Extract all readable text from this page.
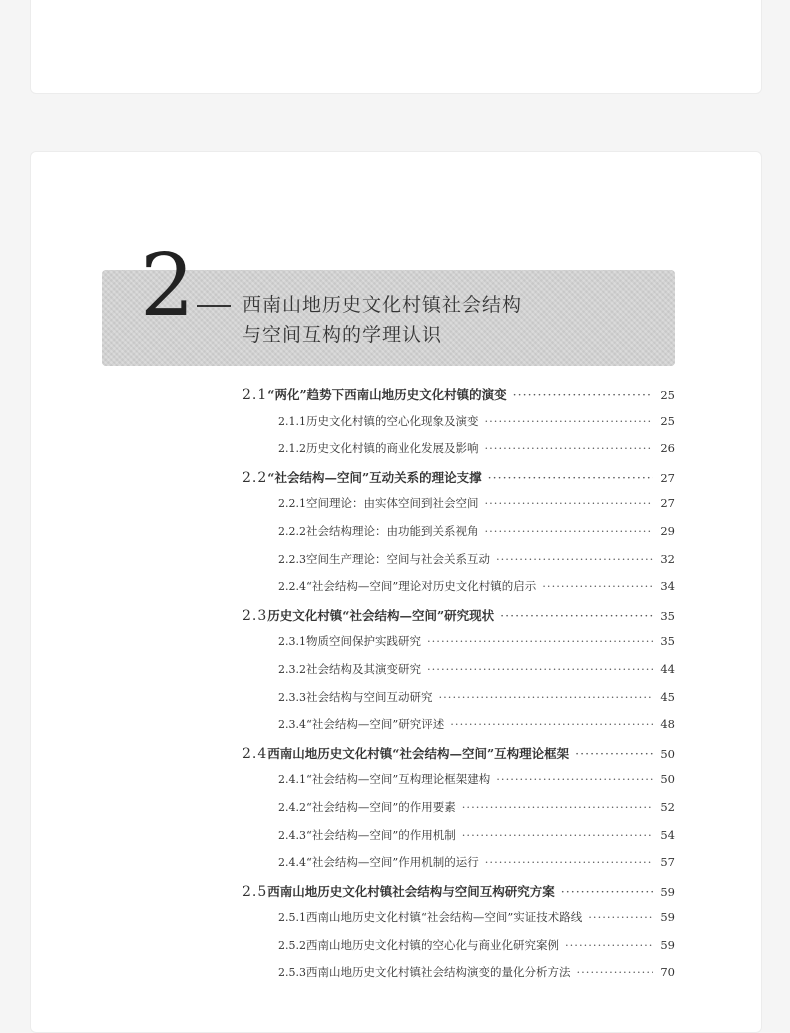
2 西南山地历史文化村镇社会结构
与空间互构的学理认识
2.1 “两化”趋势下西南山地历史文化村镇的演变 ·····	25
2.1.1 历史文化村镇的空心化现象及演变 ·····	25
2.1.2 历史文化村镇的商业化发展及影响 ·····	26
2.2 “社会结构—空间”互动关系的理论支撑 ·····	27
2.2.1 空间理论：由实体空间到社会空间 ·····	27
2.2.2 社会结构理论：由功能到关系视角 ·····	29
2.2.3 空间生产理论：空间与社会关系互动 ·····	32
2.2.4 “社会结构—空间”理论对历史文化村镇的启示 ·····	34
2.3 历史文化村镇“社会结构—空间”研究现状 ·····	35
2.3.1 物质空间保护实践研究 ·····	35
2.3.2 社会结构及其演变研究 ·····	44
2.3.3 社会结构与空间互动研究 ·····	45
2.3.4 “社会结构—空间”研究评述 ·····	48
2.4 西南山地历史文化村镇“社会结构—空间”互构理论框架 ·····	50
2.4.1 “社会结构—空间”互构理论框架建构 ·····	50
2.4.2 “社会结构—空间”的作用要素 ·····	52
2.4.3 “社会结构—空间”的作用机制 ·····	54
2.4.4 “社会结构—空间”作用机制的运行 ·····	57
2.5 西南山地历史文化村镇社会结构与空间互构研究方案 ·····	59
2.5.1 西南山地历史文化村镇“社会结构—空间”实证技术路线 ·····	59
2.5.2 西南山地历史文化村镇的空心化与商业化研究案例 ·····	59
2.5.3 西南山地历史文化村镇社会结构演变的量化分析方法 ·····	70
